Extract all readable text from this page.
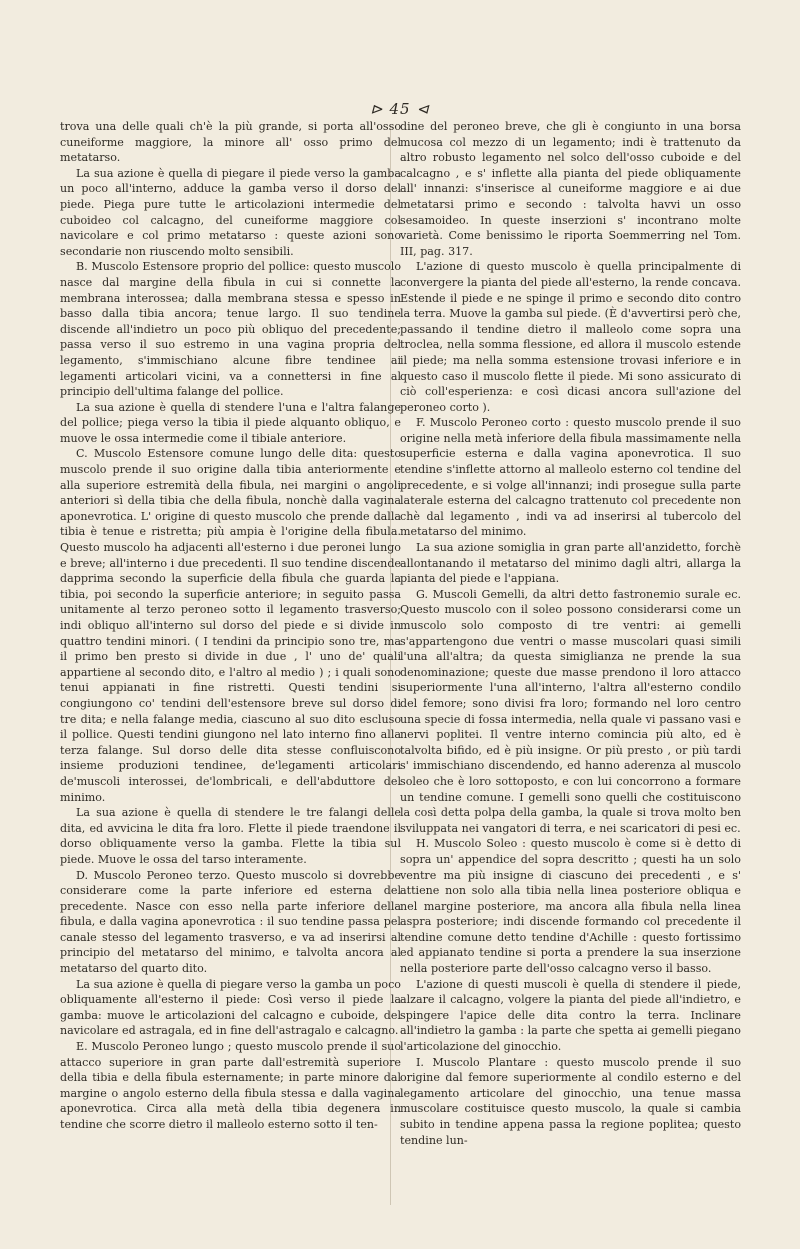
⊳ 45 ⊲

trova una delle quali ch'è la più grande, si porta all'osso cuneiforme maggiore, la minore all' osso primo del metatarso.

La sua azione è quella di piegare il piede verso la gamba un poco all'interno, adduce la gamba verso il dorso del piede. Piega pure tutte le articolazioni intermedie del cuboideo col calcagno, del cuneiforme maggiore col navicolare e col primo metatarso : queste azioni sono secondarie non riuscendo molto sensibili.

B. Muscolo Estensore proprio del pollice: questo muscolo nasce dal margine della fibula in cui si connette la membrana interossea; dalla membrana stessa e spesso in basso dalla tibia ancora; tenue largo. Il suo tendine discende all'indietro un poco più obliquo del precedente; passa verso il suo estremo in una vagina propria del legamento, s'immischiano alcune fibre tendinee ai legamenti articolari vicini, va a connettersi in fine al principio dell'ultima falange del pollice.

La sua azione è quella di stendere l'una e l'altra falange del pollice; piega verso la tibia il piede alquanto obliquo, e muove le ossa intermedie come il tibiale anteriore.

C. Muscolo Estensore comune lungo delle dita: questo muscolo prende il suo origine dalla tibia anteriormente e alla superiore estremità della fibula, nei margini o angoli anteriori sì della tibia che della fibula, nonchè dalla vagina aponevrotica. L' origine di questo muscolo che prende dalla tibia è tenue e ristretta; più ampia è l'origine della fibula. Questo muscolo ha adjacenti all'esterno i due peronei lungo e breve; all'interno i due precedenti. Il suo tendine discende dapprima secondo la superficie della fibula che guarda la tibia, poi secondo la superficie anteriore; in seguito passa unitamente al terzo peroneo sotto il legamento trasverso; indi obliquo all'interno sul dorso del piede e si divide in quattro tendini minori. ( I tendini da principio sono tre, ma il primo ben presto si divide in due , l' uno de' quali appartiene al secondo dito, e l'altro al medio ) ; i quali sono tenui appianati in fine ristretti. Questi tendini si congiungono co' tendini dell'estensore breve sul dorso di tre dita; e nella falange media, ciascuno al suo dito escluso il pollice. Questi tendini giungono nel lato interno fino alla terza falange. Sul dorso delle dita stesse confluiscono insieme produzioni tendinee, de'legamenti articolari de'muscoli interossei, de'lombricali, e dell'abduttore del minimo.

La sua azione è quella di stendere le tre falangi delle dita, ed avvicina le dita fra loro. Flette il piede traendone il dorso obliquamente verso la gamba. Flette la tibia sul piede. Muove le ossa del tarso interamente.

D. Muscolo Peroneo terzo. Questo muscolo si dovrebbe considerare come la parte inferiore ed esterna del precedente. Nasce con esso nella parte inferiore della fibula, e dalla vagina aponevrotica : il suo tendine passa pel canale stesso del legamento trasverso, e va ad inserirsi al principio del metatarso del minimo, e talvolta ancora al metatarso del quarto dito.

La sua azione è quella di piegare verso la gamba un poco obliquamente all'esterno il piede: Così verso il piede la gamba: muove le articolazioni del calcagno e cuboide, del navicolare ed astragala, ed in fine dell'astragalo e calcagno.

E. Muscolo Peroneo lungo ; questo muscolo prende il suo attacco superiore in gran parte dall'estremità superiore della tibia e della fibula esternamente; in parte minore dal margine o angolo esterno della fibula stessa e dalla vagina aponevrotica. Circa alla metà della tibia degenera in tendine che scorre dietro il malleolo esterno sotto il ten-

dine del peroneo breve, che gli è congiunto in una borsa mucosa col mezzo di un legamento; indi è trattenuto da altro robusto legamento nel solco dell'osso cuboide e del calcagno , e s' inflette alla pianta del piede obliquamente all' innanzi: s'inserisce al cuneiforme maggiore e ai due metatarsi primo e secondo : talvolta havvi un osso sesamoideo. In queste inserzioni s' incontrano molte varietà. Come benissimo le riporta Soemmerring nel Tom. III, pag. 317.

L'azione di questo muscolo è quella principalmente di convergere la pianta del piede all'esterno, la rende concava. Estende il piede e ne spinge il primo e secondo dito contro la terra. Muove la gamba sul piede. (È d'avvertirsi però che, passando il tendine dietro il malleolo come sopra una troclea, nella somma flessione, ed allora il muscolo estende il piede; ma nella somma estensione trovasi inferiore e in questo caso il muscolo flette il piede. Mi sono assicurato di ciò coll'esperienza: e così dicasi ancora sull'azione del peroneo corto ).

F. Muscolo Peroneo corto : questo muscolo prende il suo origine nella metà inferiore della fibula massimamente nella superficie esterna e dalla vagina aponevrotica. Il suo tendine s'inflette attorno al malleolo esterno col tendine del precedente, e si volge all'innanzi; indi prosegue sulla parte laterale esterna del calcagno trattenuto col precedente non chè dal legamento , indi va ad inserirsi al tubercolo del metatarso del minimo.

La sua azione somiglia in gran parte all'anzidetto, forchè allontanando il metatarso del minimo dagli altri, allarga la pianta del piede e l'appiana.

G. Muscoli Gemelli, da altri detto fastronemio surale ec. Questo muscolo con il soleo possono considerarsi come un muscolo solo composto di tre ventri: ai gemelli s'appartengono due ventri o masse muscolari quasi simili l'una all'altra; da questa simiglianza ne prende la sua denominazione; queste due masse prendono il loro attacco superiormente l'una all'interno, l'altra all'esterno condilo del femore; sono divisi fra loro; formando nel loro centro una specie di fossa intermedia, nella quale vi passano vasi e nervi poplitei. Il ventre interno comincia più alto, ed è talvolta bifido, ed è più insigne. Or più presto , or più tardi s' immischiano discendendo, ed hanno aderenza al muscolo soleo che è loro sottoposto, e con lui concorrono a formare un tendine comune. I gemelli sono quelli che costituiscono la così detta polpa della gamba, la quale si trova molto ben sviluppata nei vangatori di terra, e nei scaricatori di pesi ec.

H. Muscolo Soleo : questo muscolo è come si è detto di sopra un' appendice del sopra descritto ; questi ha un solo ventre ma più insigne di ciascuno dei precedenti , e s' attiene non solo alla tibia nella linea posteriore obliqua e nel margine posteriore, ma ancora alla fibula nella linea aspra posteriore; indi discende formando col precedente il tendine comune detto tendine d'Achille : questo fortissimo ed appianato tendine si porta a prendere la sua inserzione nella posteriore parte dell'osso calcagno verso il basso.

L'azione di questi muscoli è quella di stendere il piede, alzare il calcagno, volgere la pianta del piede all'indietro, e spingere l'apice delle dita contro la terra. Inclinare all'indietro la gamba : la parte che spetta ai gemelli piegano l'articolazione del ginocchio.

I. Muscolo Plantare : questo muscolo prende il suo origine dal femore superiormente al condilo esterno e del legamento articolare del ginocchio, una tenue massa muscolare costituisce questo muscolo, la quale si cambia subito in tendine appena passa la regione poplitea; questo tendine lun-
